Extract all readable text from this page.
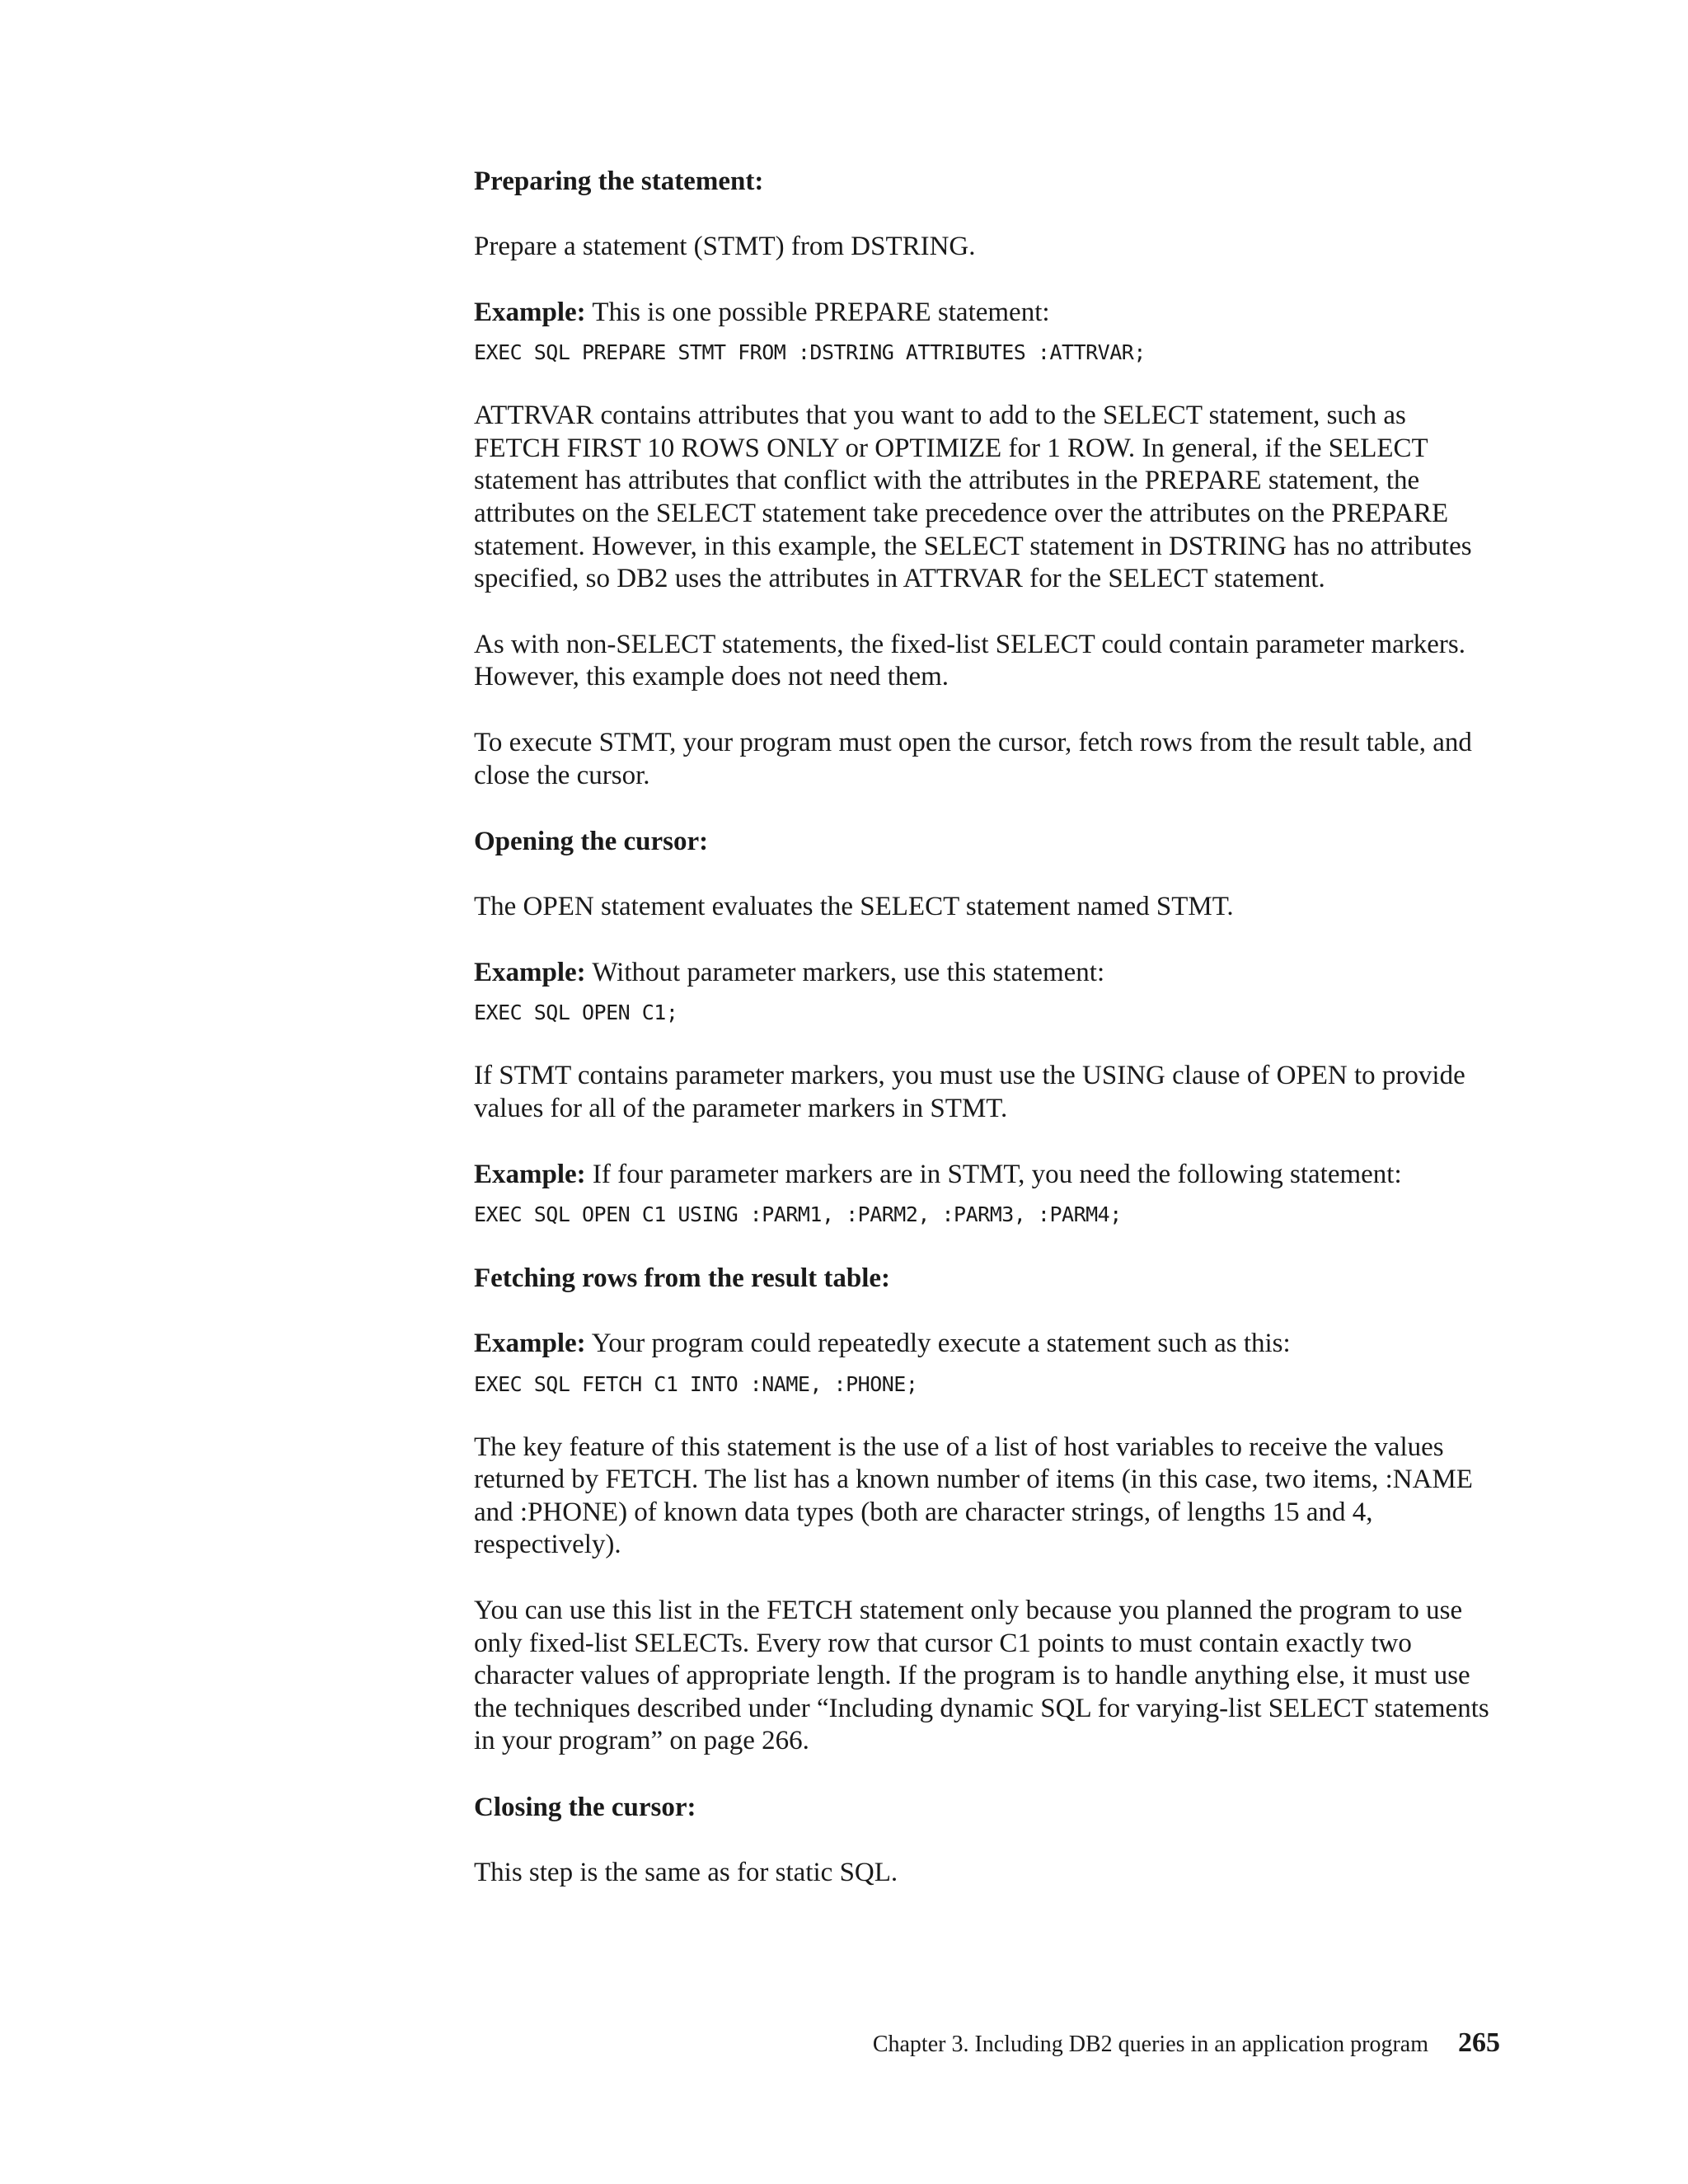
Preparing the statement:
Prepare a statement (STMT) from DSTRING.
Example: This is one possible PREPARE statement:
EXEC SQL PREPARE STMT FROM :DSTRING ATTRIBUTES :ATTRVAR;
ATTRVAR contains attributes that you want to add to the SELECT statement, such as FETCH FIRST 10 ROWS ONLY or OPTIMIZE for 1 ROW. In general, if the SELECT statement has attributes that conflict with the attributes in the PREPARE statement, the attributes on the SELECT statement take precedence over the attributes on the PREPARE statement. However, in this example, the SELECT statement in DSTRING has no attributes specified, so DB2 uses the attributes in ATTRVAR for the SELECT statement.
As with non-SELECT statements, the fixed-list SELECT could contain parameter markers. However, this example does not need them.
To execute STMT, your program must open the cursor, fetch rows from the result table, and close the cursor.
Opening the cursor:
The OPEN statement evaluates the SELECT statement named STMT.
Example: Without parameter markers, use this statement:
EXEC SQL OPEN C1;
If STMT contains parameter markers, you must use the USING clause of OPEN to provide values for all of the parameter markers in STMT.
Example: If four parameter markers are in STMT, you need the following statement:
EXEC SQL OPEN C1 USING :PARM1, :PARM2, :PARM3, :PARM4;
Fetching rows from the result table:
Example: Your program could repeatedly execute a statement such as this:
EXEC SQL FETCH C1 INTO :NAME, :PHONE;
The key feature of this statement is the use of a list of host variables to receive the values returned by FETCH. The list has a known number of items (in this case, two items, :NAME and :PHONE) of known data types (both are character strings, of lengths 15 and 4, respectively).
You can use this list in the FETCH statement only because you planned the program to use only fixed-list SELECTs. Every row that cursor C1 points to must contain exactly two character values of appropriate length. If the program is to handle anything else, it must use the techniques described under “Including dynamic SQL for varying-list SELECT statements in your program” on page 266.
Closing the cursor:
This step is the same as for static SQL.
Chapter 3. Including DB2 queries in an application program 265
